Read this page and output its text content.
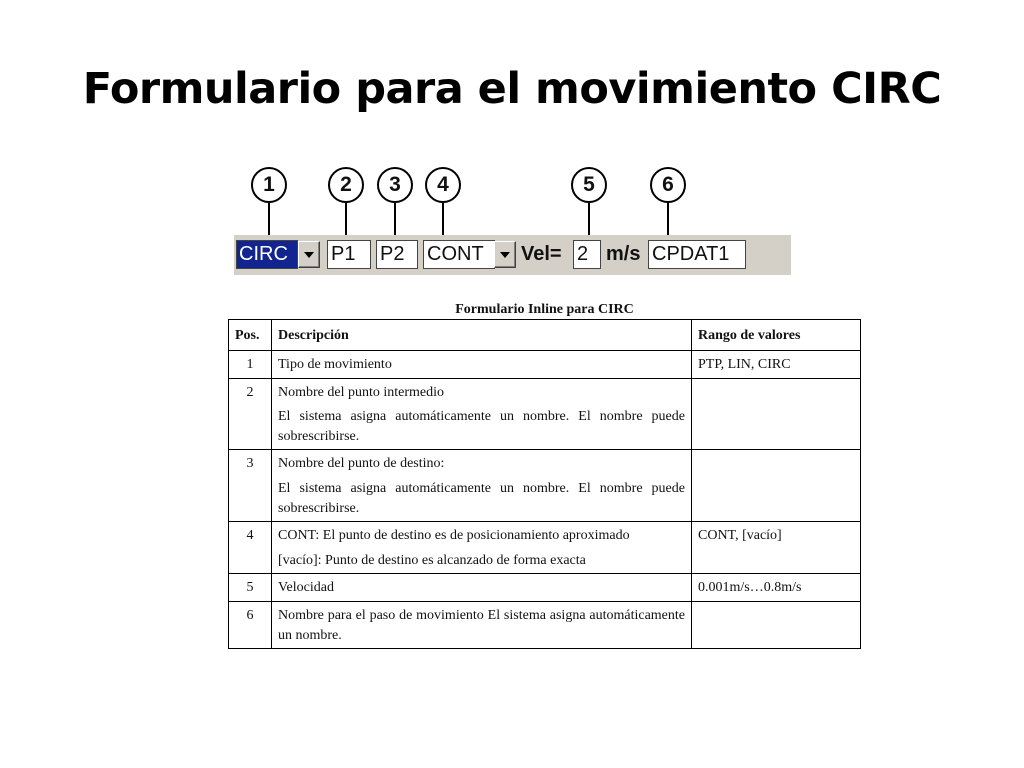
Formulario para el movimiento CIRC
1	2	3	4	5	6
CIRC	P1	P2	CONT	Vel= 2 m/s CPDAT1
Formulario Inline para CIRC
Pos.	Descripción	Rango de valores
1	Tipo de movimiento	PTP, LIN, CIRC
2	Nombre del punto intermedio

El sistema asigna automáticamente un nombre. El nombre puede sobrescribirse.	

3	Nombre del punto de destino:

El sistema asigna automáticamente un nombre. El nombre puede sobrescribirse.	

4	CONT: El punto de destino es de posicionamiento aproximado

[vacío]: Punto de destino es alcanzado de forma exacta	CONT, [vacío]
5	Velocidad	0.001m/s…0.8m/s
6	Nombre para el paso de movimiento El sistema asigna automáticamente un nombre.	
